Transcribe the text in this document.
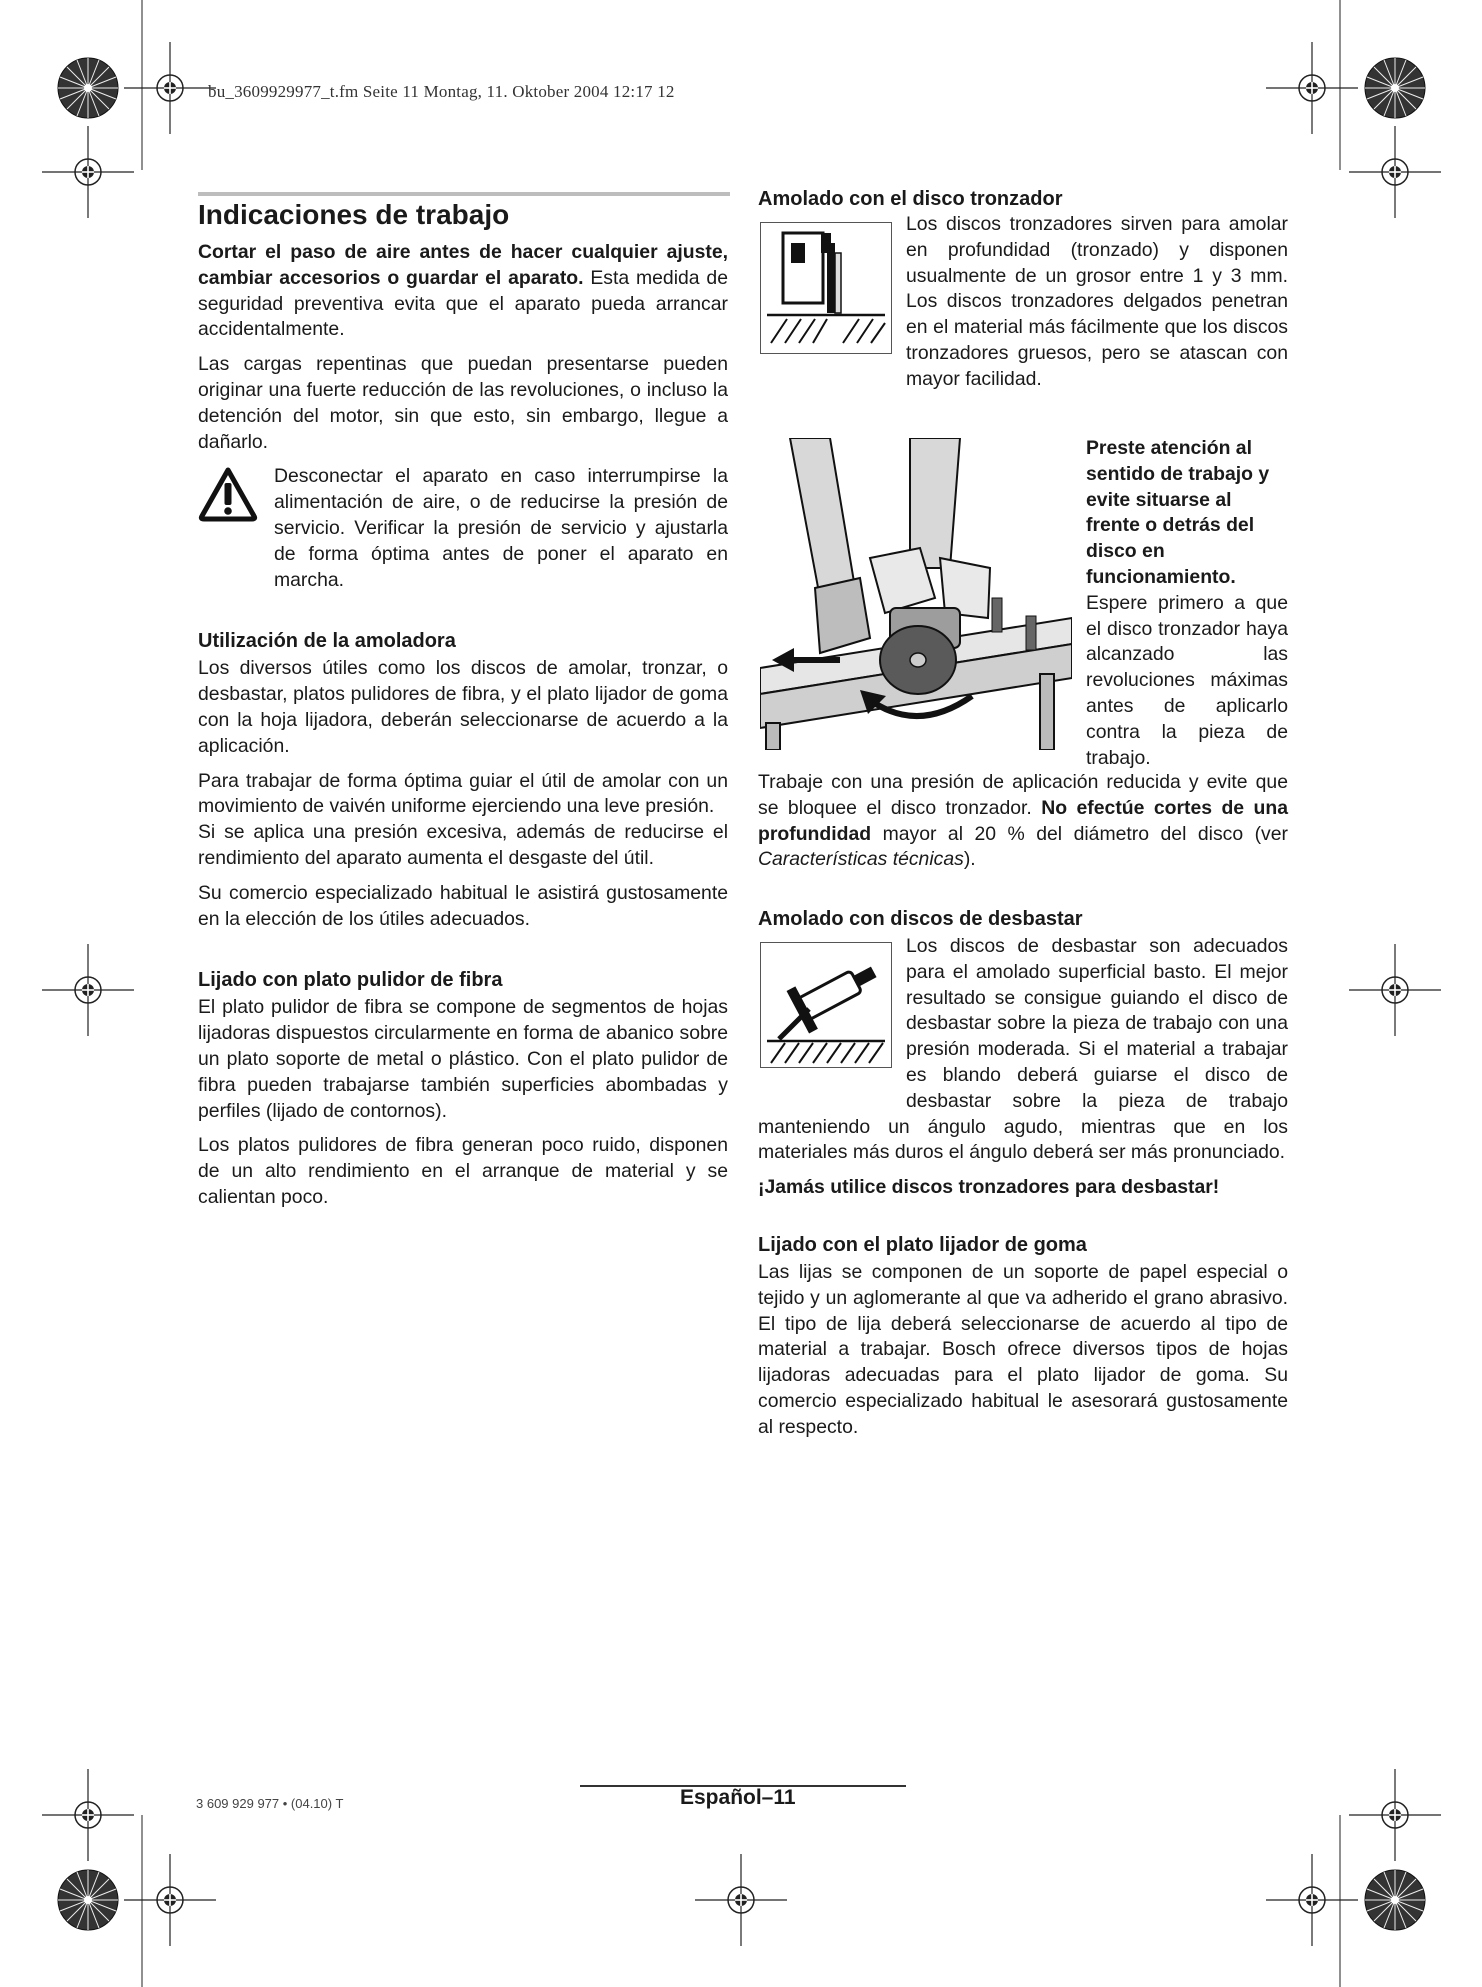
bu_3609929977_t.fm Seite 11 Montag, 11. Oktober 2004 12:17 12
Indicaciones de trabajo

Cortar el paso de aire antes de hacer cualquier ajuste, cambiar accesorios o guardar el aparato. Esta medida de seguridad preventiva evita que el aparato pueda arrancar accidentalmente.

Las cargas repentinas que puedan presentarse pueden originar una fuerte reducción de las revoluciones, o incluso la detención del motor, sin que esto, sin embargo, llegue a dañarlo.

Desconectar el aparato en caso interrumpirse la alimentación de aire, o de reducirse la presión de servicio. Verificar la presión de servicio y ajustarla de forma óptima antes de poner el aparato en marcha.
Utilización de la amoladora

Los diversos útiles como los discos de amolar, tronzar, o desbastar, platos pulidores de fibra, y el plato lijador de goma con la hoja lijadora, deberán seleccionarse de acuerdo a la aplicación.

Para trabajar de forma óptima guiar el útil de amolar con un movimiento de vaivén uniforme ejerciendo una leve presión.

Si se aplica una presión excesiva, además de reducirse el rendimiento del aparato aumenta el desgaste del útil.

Su comercio especializado habitual le asistirá gustosamente en la elección de los útiles adecuados.

Lijado con plato pulidor de fibra

El plato pulidor de fibra se compone de segmentos de hojas lijadoras dispuestos circularmente en forma de abanico sobre un plato soporte de metal o plástico. Con el plato pulidor de fibra pueden trabajarse también superficies abombadas y perfiles (lijado de contornos).

Los platos pulidores de fibra generan poco ruido, disponen de un alto rendimiento en el arranque de material y se calientan poco.

Amolado con el disco tronzador

Los discos tronzadores sirven para amolar en profundidad (tronzado) y disponen usualmente de un grosor entre 1 y 3 mm. Los discos tronzadores delgados penetran en el material más fácilmente que los discos tronzadores gruesos, pero se atascan con mayor facilidad.

Preste atención al sentido de trabajo y evite situarse al frente o detrás del disco en funcionamiento.

Espere primero a que el disco tronzador haya alcanzado las revoluciones máximas antes de aplicarlo contra la pieza de trabajo.

Trabaje con una presión de aplicación reducida y evite que se bloquee el disco tronzador. No efectúe cortes de una profundidad mayor al 20 % del diámetro del disco (ver Características técnicas).

Amolado con discos de desbastar

Los discos de desbastar son adecuados para el amolado superficial basto. El mejor resultado se consigue guiando el disco de desbastar sobre la pieza de trabajo con una presión moderada. Si el material a trabajar es blando deberá guiarse el disco de desbastar sobre la pieza de trabajo manteniendo un ángulo agudo, mientras que en los materiales más duros el ángulo deberá ser más pronunciado.

¡Jamás utilice discos tronzadores para desbastar!

Lijado con el plato lijador de goma

Las lijas se componen de un soporte de papel especial o tejido y un aglomerante al que va adherido el grano abrasivo. El tipo de lija deberá seleccionarse de acuerdo al tipo de material a trabajar. Bosch ofrece diversos tipos de hojas lijadoras adecuadas para el plato lijador de goma. Su comercio especializado habitual le asesorará gustosamente al respecto.

3 609 929 977 • (04.10) T	Español–11
